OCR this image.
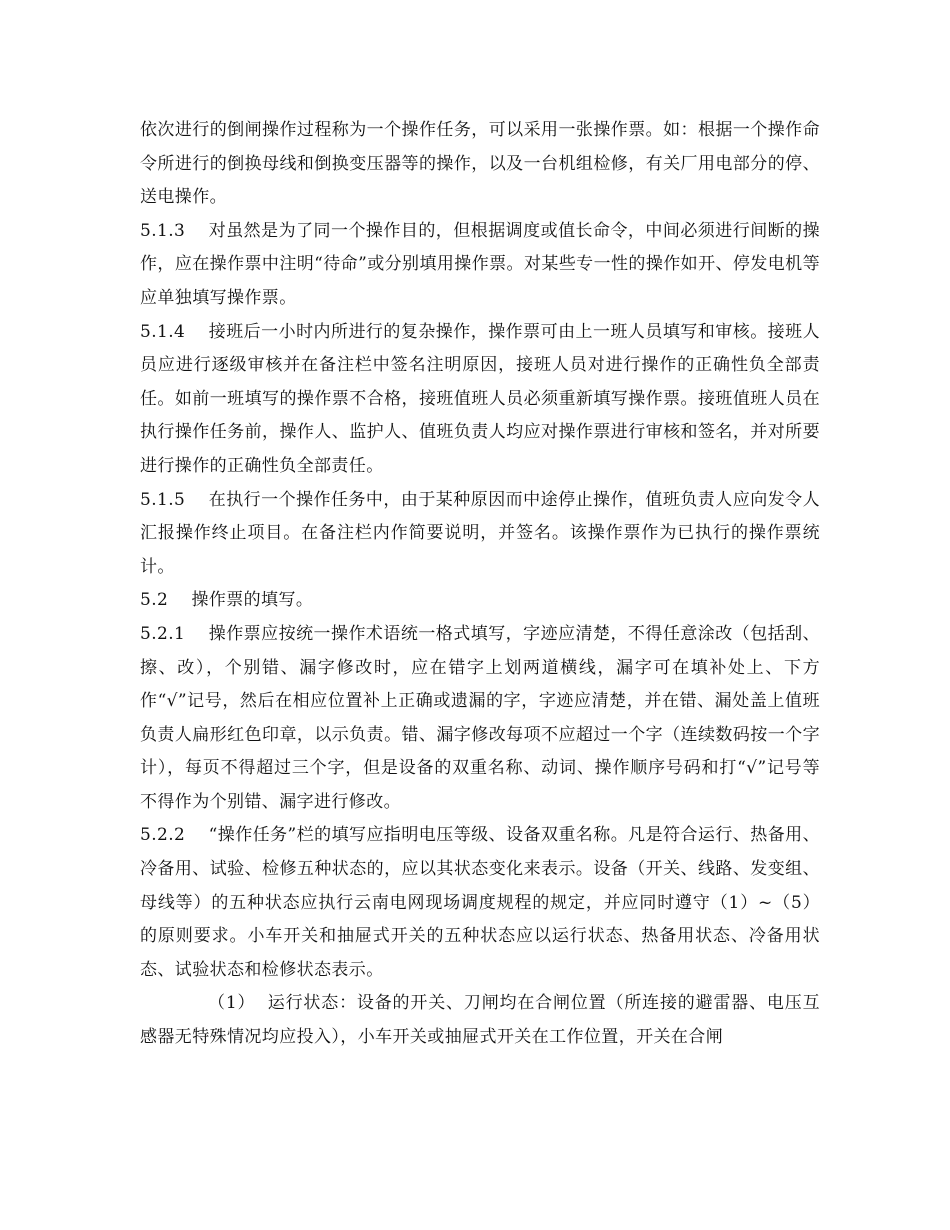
依次进行的倒闸操作过程称为一个操作任务，可以采用一张操作票。如：根据一个操作命令所进行的倒换母线和倒换变压器等的操作，以及一台机组检修，有关厂用电部分的停、送电操作。

5.1.3    对虽然是为了同一个操作目的，但根据调度或值长命令，中间必须进行间断的操作，应在操作票中注明“待命”或分别填用操作票。对某些专一性的操作如开、停发电机等应单独填写操作票。

5.1.4    接班后一小时内所进行的复杂操作，操作票可由上一班人员填写和审核。接班人员应进行逐级审核并在备注栏中签名注明原因，接班人员对进行操作的正确性负全部责任。如前一班填写的操作票不合格，接班值班人员必须重新填写操作票。接班值班人员在执行操作任务前，操作人、监护人、值班负责人均应对操作票进行审核和签名，并对所要进行操作的正确性负全部责任。

5.1.5    在执行一个操作任务中，由于某种原因而中途停止操作，值班负责人应向发令人汇报操作终止项目。在备注栏内作简要说明，并签名。该操作票作为已执行的操作票统计。

5.2    操作票的填写。

5.2.1    操作票应按统一操作术语统一格式填写，字迹应清楚，不得任意涂改（包括刮、擦、改），个别错、漏字修改时，应在错字上划两道横线，漏字可在填补处上、下方作“√”记号，然后在相应位置补上正确或遗漏的字，字迹应清楚，并在错、漏处盖上值班负责人扁形红色印章，以示负责。错、漏字修改每项不应超过一个字（连续数码按一个字计），每页不得超过三个字，但是设备的双重名称、动词、操作顺序号码和打“√”记号等不得作为个别错、漏字进行修改。

5.2.2    “操作任务”栏的填写应指明电压等级、设备双重名称。凡是符合运行、热备用、冷备用、试验、检修五种状态的，应以其状态变化来表示。设备（开关、线路、发变组、母线等）的五种状态应执行云南电网现场调度规程的规定，并应同时遵守（1）~（5）的原则要求。小车开关和抽屉式开关的五种状态应以运行状态、热备用状态、冷备用状态、试验状态和检修状态表示。

（1）  运行状态：设备的开关、刀闸均在合闸位置（所连接的避雷器、电压互感器无特殊情况均应投入），小车开关或抽屉式开关在工作位置，开关在合闸
